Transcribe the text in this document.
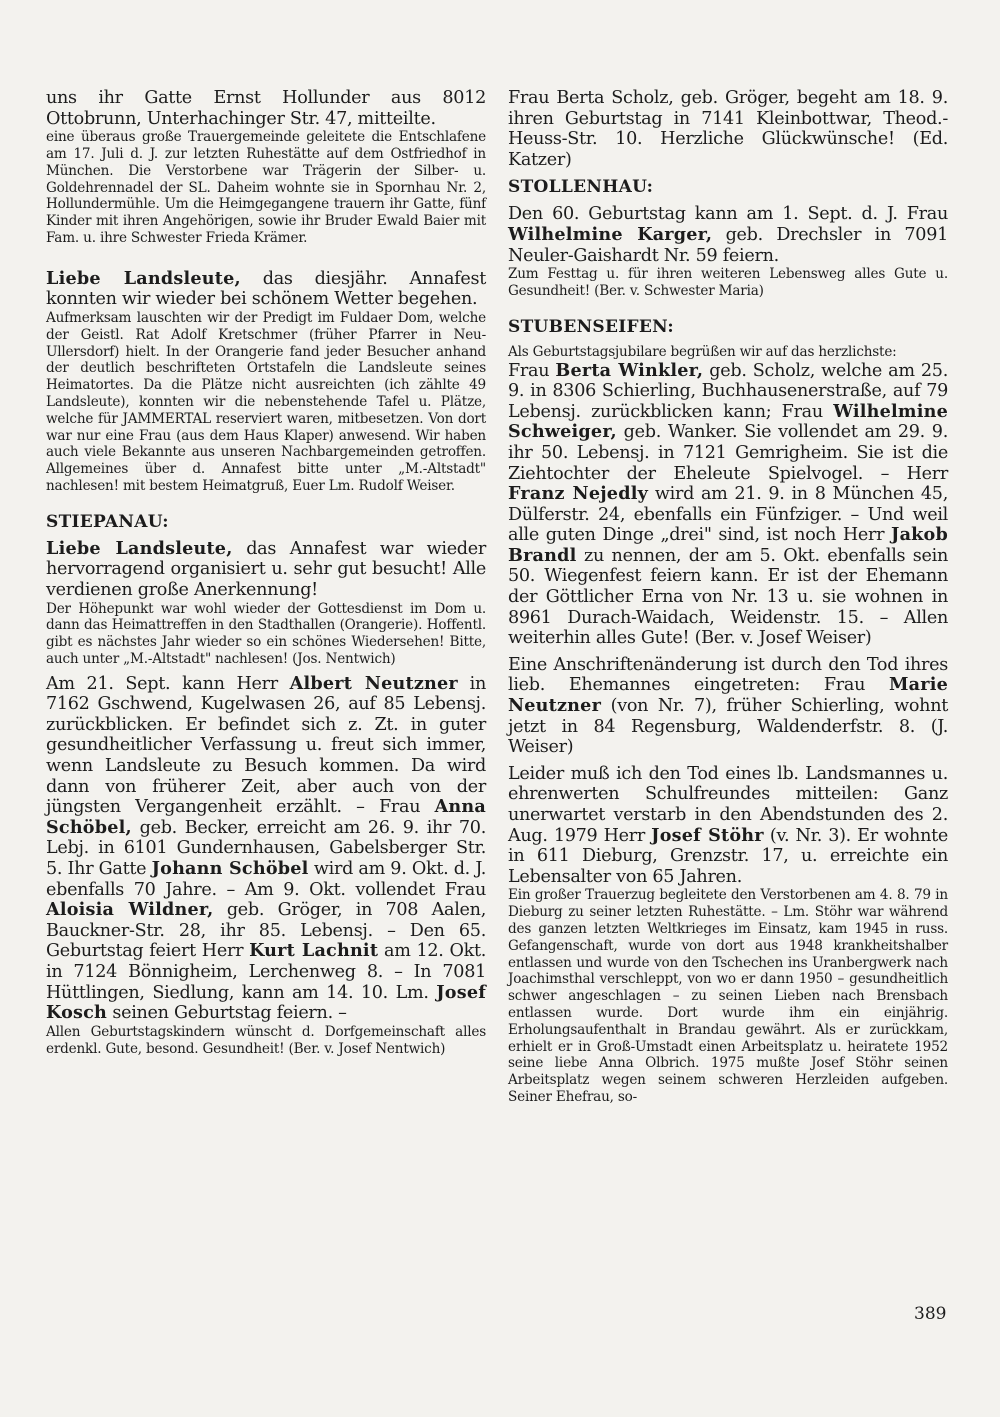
uns ihr Gatte Ernst Hollunder aus 8012 Ottobrunn, Unterhachinger Str. 47, mitteilte.

eine überaus große Trauergemeinde geleitete die Entschlafene am 17. Juli d. J. zur letzten Ruhestätte auf dem Ostfriedhof in München. Die Verstorbene war Trägerin der Silber- u. Goldehrennadel der SL. Daheim wohnte sie in Spornhau Nr. 2, Hollundermühle. Um die Heimgegangene trauern ihr Gatte, fünf Kinder mit ihren Angehörigen, sowie ihr Bruder Ewald Baier mit Fam. u. ihre Schwester Frieda Krämer.

Liebe Landsleute, das diesjähr. Annafest konnten wir wieder bei schönem Wetter begehen.

Aufmerksam lauschten wir der Predigt im Fuldaer Dom, welche der Geistl. Rat Adolf Kretschmer (früher Pfarrer in Neu-Ullersdorf) hielt. In der Orangerie fand jeder Besucher anhand der deutlich beschrifteten Ortstafeln die Landsleute seines Heimatortes. Da die Plätze nicht ausreichten (ich zählte 49 Landsleute), konnten wir die nebenstehende Tafel u. Plätze, welche für JAMMERTAL reserviert waren, mitbesetzen. Von dort war nur eine Frau (aus dem Haus Klaper) anwesend. Wir haben auch viele Bekannte aus unseren Nachbargemeinden getroffen. Allgemeines über d. Annafest bitte unter „M.-Altstadt" nachlesen! mit bestem Heimatgruß, Euer Lm. Rudolf Weiser.

STIEPANAU:

Liebe Landsleute, das Annafest war wieder hervorragend organisiert u. sehr gut besucht! Alle verdienen große Anerkennung!

Der Höhepunkt war wohl wieder der Gottesdienst im Dom u. dann das Heimattreffen in den Stadthallen (Orangerie). Hoffentl. gibt es nächstes Jahr wieder so ein schönes Wiedersehen! Bitte, auch unter „M.-Altstadt" nachlesen! (Jos. Nentwich)

Am 21. Sept. kann Herr Albert Neutzner in 7162 Gschwend, Kugelwasen 26, auf 85 Lebensj. zurückblicken. Er befindet sich z. Zt. in guter gesundheitlicher Verfassung u. freut sich immer, wenn Landsleute zu Besuch kommen. Da wird dann von früherer Zeit, aber auch von der jüngsten Vergangenheit erzählt. – Frau Anna Schöbel, geb. Becker, erreicht am 26. 9. ihr 70. Lebj. in 6101 Gundernhausen, Gabelsberger Str. 5. Ihr Gatte Johann Schöbel wird am 9. Okt. d. J. ebenfalls 70 Jahre. – Am 9. Okt. vollendet Frau Aloisia Wildner, geb. Gröger, in 708 Aalen, Bauckner-Str. 28, ihr 85. Lebensj. – Den 65. Geburtstag feiert Herr Kurt Lachnit am 12. Okt. in 7124 Bönnigheim, Lerchenweg 8. – In 7081 Hüttlingen, Siedlung, kann am 14. 10. Lm. Josef Kosch seinen Geburtstag feiern. –

Allen Geburtstagskindern wünscht d. Dorfgemeinschaft alles erdenkl. Gute, besond. Gesundheit! (Ber. v. Josef Nentwich)

Frau Berta Scholz, geb. Gröger, begeht am 18. 9. ihren Geburtstag in 7141 Kleinbottwar, Theod.-Heuss-Str. 10. Herzliche Glückwünsche! (Ed. Katzer)

STOLLENHAU:

Den 60. Geburtstag kann am 1. Sept. d. J. Frau Wilhelmine Karger, geb. Drechsler in 7091 Neuler-Gaishardt Nr. 59 feiern.

Zum Festtag u. für ihren weiteren Lebensweg alles Gute u. Gesundheit! (Ber. v. Schwester Maria)

STUBENSEIFEN:

Als Geburtstagsjubilare begrüßen wir auf das herzlichste:

Frau Berta Winkler, geb. Scholz, welche am 25. 9. in 8306 Schierling, Buchhausenerstraße, auf 79 Lebensj. zurückblicken kann; Frau Wilhelmine Schweiger, geb. Wanker. Sie vollendet am 29. 9. ihr 50. Lebensj. in 7121 Gemrigheim. Sie ist die Ziehtochter der Eheleute Spielvogel. – Herr Franz Nejedly wird am 21. 9. in 8 München 45, Dülferstr. 24, ebenfalls ein Fünfziger. – Und weil alle guten Dinge „drei" sind, ist noch Herr Jakob Brandl zu nennen, der am 5. Okt. ebenfalls sein 50. Wiegenfest feiern kann. Er ist der Ehemann der Göttlicher Erna von Nr. 13 u. sie wohnen in 8961 Durach-Waidach, Weidenstr. 15. – Allen weiterhin alles Gute! (Ber. v. Josef Weiser)

Eine Anschriftenänderung ist durch den Tod ihres lieb. Ehemannes eingetreten: Frau Marie Neutzner (von Nr. 7), früher Schierling, wohnt jetzt in 84 Regensburg, Waldenderfstr. 8. (J. Weiser)

Leider muß ich den Tod eines lb. Landsmannes u. ehrenwerten Schulfreundes mitteilen: Ganz unerwartet verstarb in den Abendstunden des 2. Aug. 1979 Herr Josef Stöhr (v. Nr. 3). Er wohnte in 611 Dieburg, Grenzstr. 17, u. erreichte ein Lebensalter von 65 Jahren.

Ein großer Trauerzug begleitete den Verstorbenen am 4. 8. 79 in Dieburg zu seiner letzten Ruhestätte. – Lm. Stöhr war während des ganzen letzten Weltkrieges im Einsatz, kam 1945 in russ. Gefangenschaft, wurde von dort aus 1948 krankheitshalber entlassen und wurde von den Tschechen ins Uranbergwerk nach Joachimsthal verschleppt, von wo er dann 1950 – gesundheitlich schwer angeschlagen – zu seinen Lieben nach Brensbach entlassen wurde. Dort wurde ihm ein einjährig. Erholungsaufenthalt in Brandau gewährt. Als er zurückkam, erhielt er in Groß-Umstadt einen Arbeitsplatz u. heiratete 1952 seine liebe Anna Olbrich. 1975 mußte Josef Stöhr seinen Arbeitsplatz wegen seinem schweren Herzleiden aufgeben. Seiner Ehefrau, so-

389
